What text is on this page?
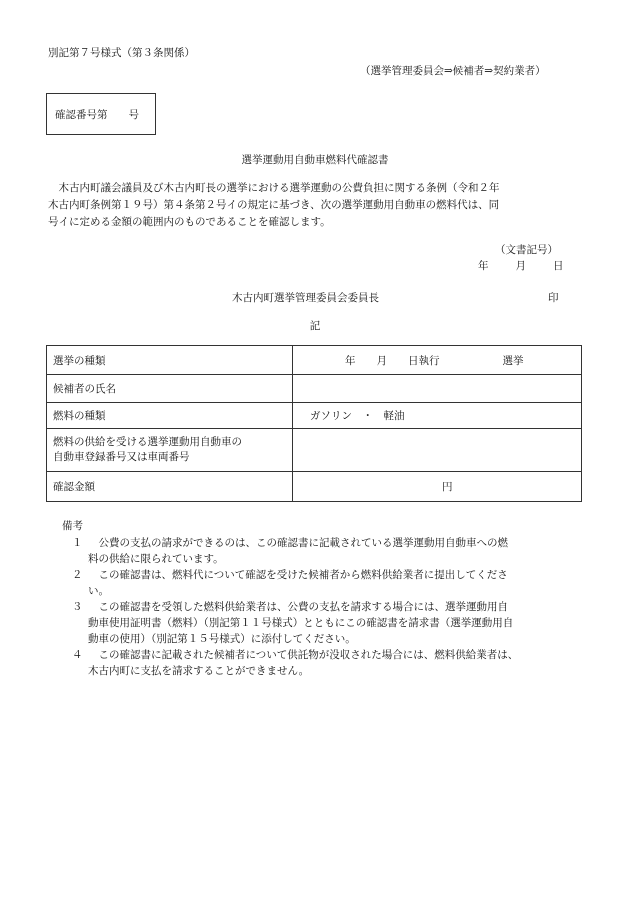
別記第７号様式（第３条関係）
（選挙管理委員会⇒候補者⇒契約業者）
確認番号第　　号
選挙運動用自動車燃料代確認書
　木古内町議会議員及び木古内町長の選挙における選挙運動の公費負担に関する条例（令和２年
木古内町条例第１９号）第４条第２号イの規定に基づき、次の選挙運動用自動車の燃料代は、同
号イに定める金額の範囲内のものであることを確認します。
（文書記号）
年	月	日
木古内町選挙管理委員会委員長	印
記
選挙の種類	年　　月　　日執行　　　　　　選挙
候補者の氏名	
燃料の種類	ガソリン　・　軽油

燃料の供給を受ける選挙運動用自動車の
自動車登録番号又は車両番号	

確認金額	円
備考
１ 　公費の支払の請求ができるのは、この確認書に記載されている選挙運動用自動車への燃
料の供給に限られています。
２ 　この確認書は、燃料代について確認を受けた候補者から燃料供給業者に提出してくださ
い。
３ 　この確認書を受領した燃料供給業者は、公費の支払を請求する場合には、選挙運動用自
動車使用証明書（燃料）（別記第１１号様式）とともにこの確認書を請求書（選挙運動用自
動車の使用）（別記第１５号様式）に添付してください。
４ 　この確認書に記載された候補者について供託物が没収された場合には、燃料供給業者は、
木古内町に支払を請求することができません。
